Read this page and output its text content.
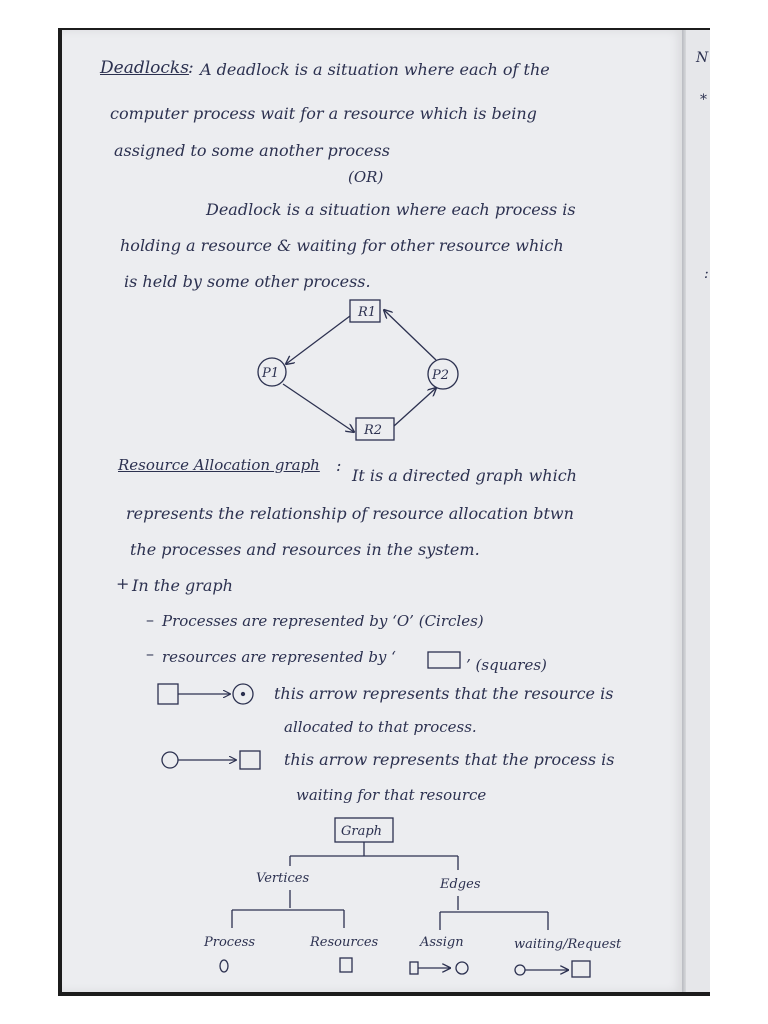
N
*
:
Deadlocks : A deadlock is a situation where each of the
computer process wait for a resource which is being
assigned to some another process
(OR)
Deadlock is a situation where each process is
holding a resource & waiting for other resource which
is held by some other process.
R1
R2
P1	P2
Resource Allocation graph :
It is a directed graph which
represents the relationship of resource allocation btwn
the processes and resources in the system.
+ In the graph
– Processes are represented by ‘O’ (Circles)
– resources are represented by ‘	’ (squares)
this arrow represents that the resource is
allocated to that process.
this arrow represents that the process is
waiting for that resource
Graph
Vertices	Edges
Process	Resources	Assign	waiting/Request
